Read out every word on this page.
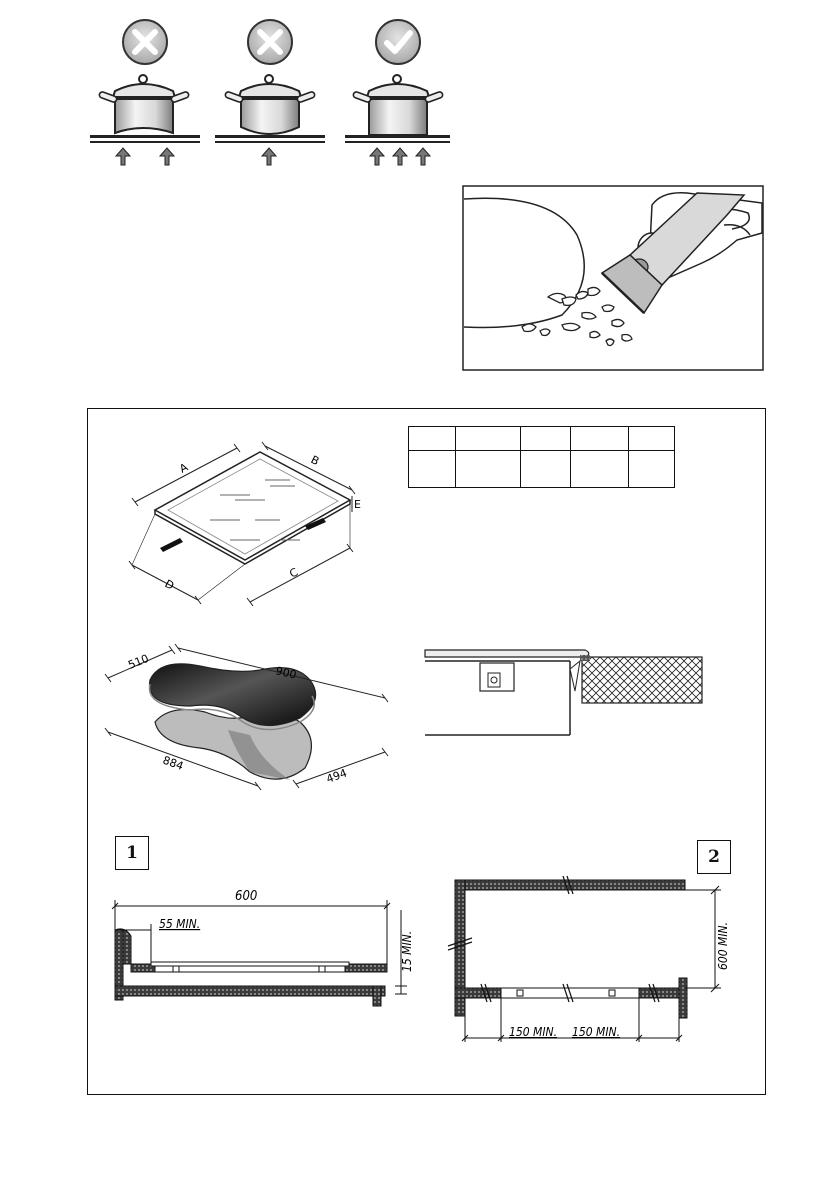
A
B
E
C
D
510
900
884
494
1
600
55 MIN.
15 MIN.
2
600 MIN.
150 MIN. 150 MIN.
